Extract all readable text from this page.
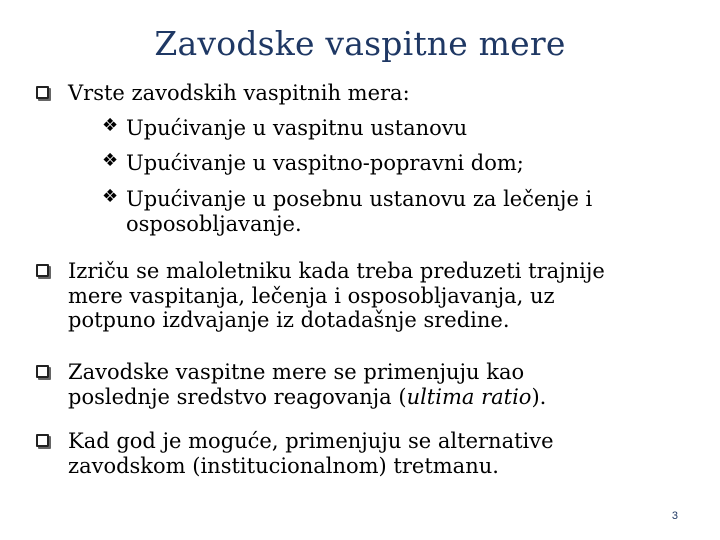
Zavodske vaspitne mere
Vrste zavodskih vaspitnih mera:
❖ Upućivanje u vaspitnu ustanovu
❖ Upućivanje u vaspitno-popravni dom;
❖ Upućivanje u posebnu ustanovu za lečenje i
osposobljavanje.
Izriču se maloletniku kada treba preduzeti trajnije
mere vaspitanja, lečenja i osposobljavanja, uz
potpuno izdvajanje iz dotadašnje sredine.
Zavodske vaspitne mere se primenjuju kao
poslednje sredstvo reagovanja (ultima ratio).
Kad god je moguće, primenjuju se alternative
zavodskom (institucionalnom) tretmanu.
3
